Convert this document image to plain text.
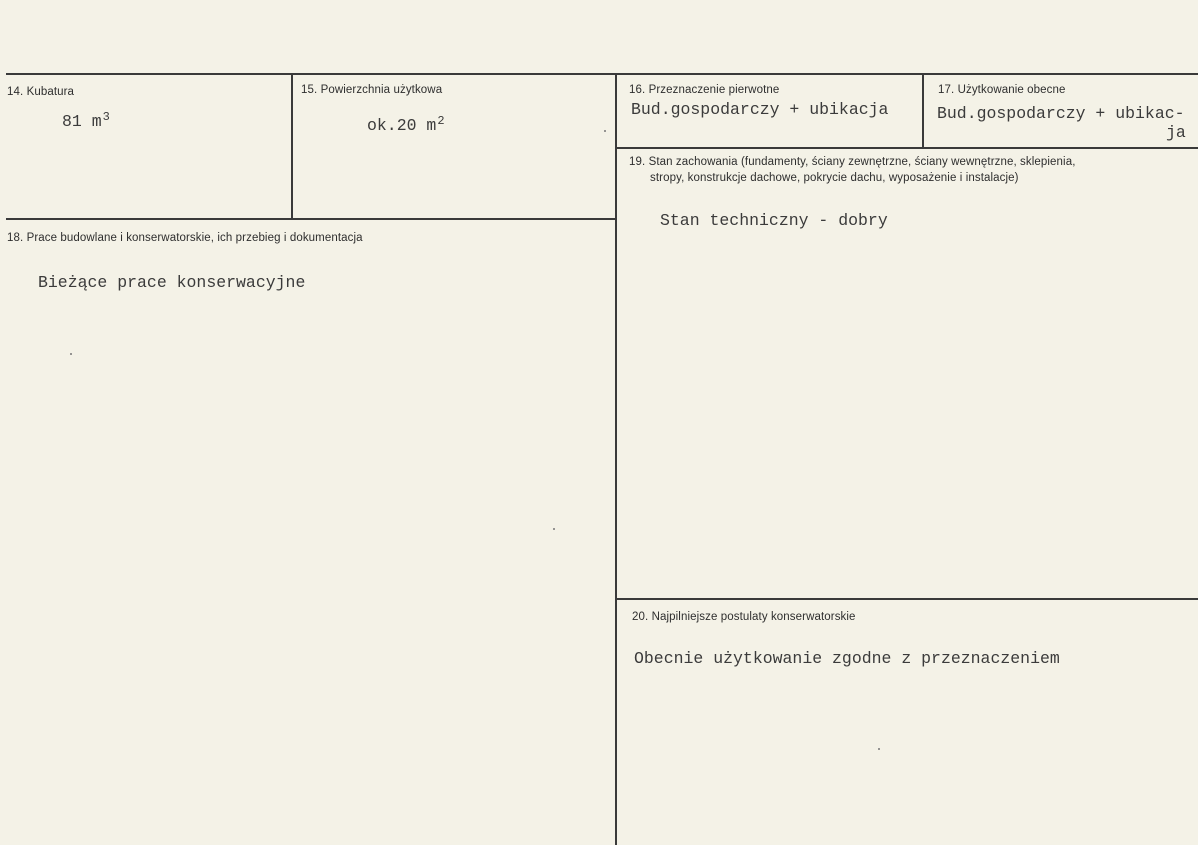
14. Kubatura
81 $m^3$
15. Powierzchnia użytkowa
ok.20 $m^2$
16. Przeznaczenie pierwotne
Bud.gospodarczy + ubikacja
17. Użytkowanie obecne
Bud.gospodarczy + ubikac-
ja
18. Prace budowlane i konserwatorskie, ich przebieg i dokumentacja
Bieżące prace konserwacyjne
19. Stan zachowania (fundamenty, ściany zewnętrzne, ściany wewnętrzne, sklepienia,
stropy, konstrukcje dachowe, pokrycie dachu, wyposażenie i instalacje)
Stan techniczny - dobry
20. Najpilniejsze postulaty konserwatorskie
Obecnie użytkowanie zgodne z przeznaczeniem
